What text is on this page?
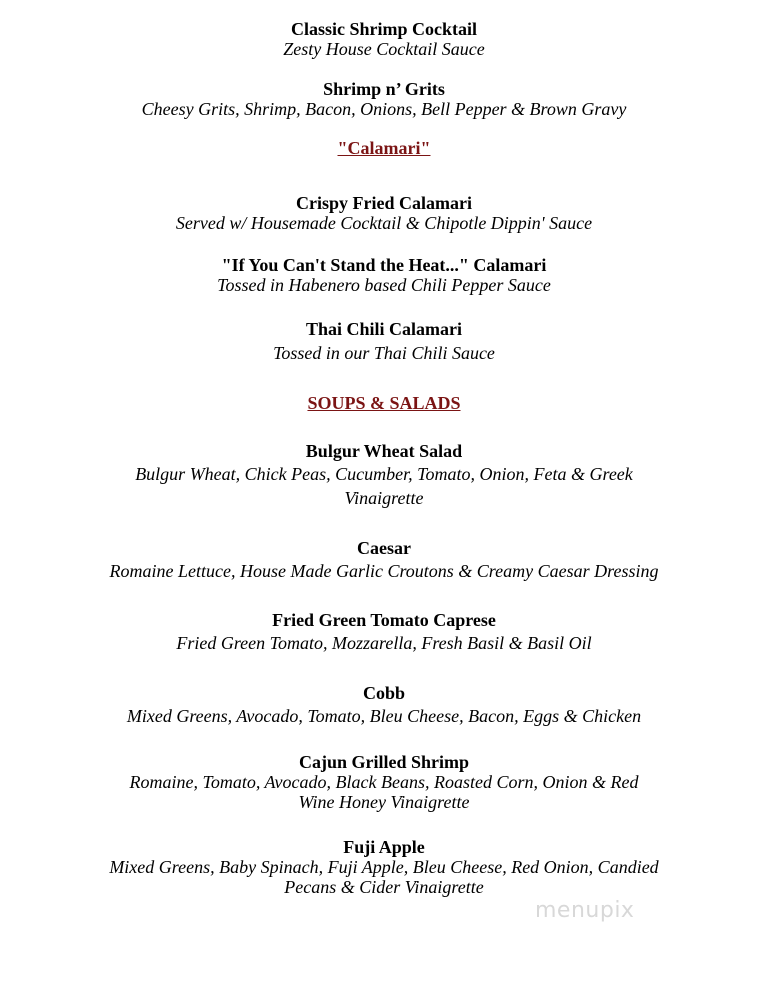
Classic Shrimp Cocktail
Zesty House Cocktail Sauce
Shrimp n’ Grits
Cheesy Grits, Shrimp, Bacon, Onions, Bell Pepper & Brown Gravy
"Calamari"
Crispy Fried Calamari
Served w/ Housemade Cocktail & Chipotle Dippin' Sauce
"If You Can't Stand the Heat..." Calamari
Tossed in Habenero based Chili Pepper Sauce
Thai Chili Calamari
Tossed in our Thai Chili Sauce
SOUPS & SALADS
Bulgur Wheat Salad
Bulgur Wheat, Chick Peas, Cucumber, Tomato, Onion, Feta & Greek
Vinaigrette
Caesar
Romaine Lettuce, House Made Garlic Croutons & Creamy Caesar Dressing
Fried Green Tomato Caprese
Fried Green Tomato, Mozzarella, Fresh Basil & Basil Oil
Cobb
Mixed Greens, Avocado, Tomato, Bleu Cheese, Bacon, Eggs & Chicken
Cajun Grilled Shrimp
Romaine, Tomato, Avocado, Black Beans, Roasted Corn, Onion & Red
Wine Honey Vinaigrette
Fuji Apple
Mixed Greens, Baby Spinach, Fuji Apple, Bleu Cheese, Red Onion, Candied
Pecans & Cider Vinaigrette
menupix
